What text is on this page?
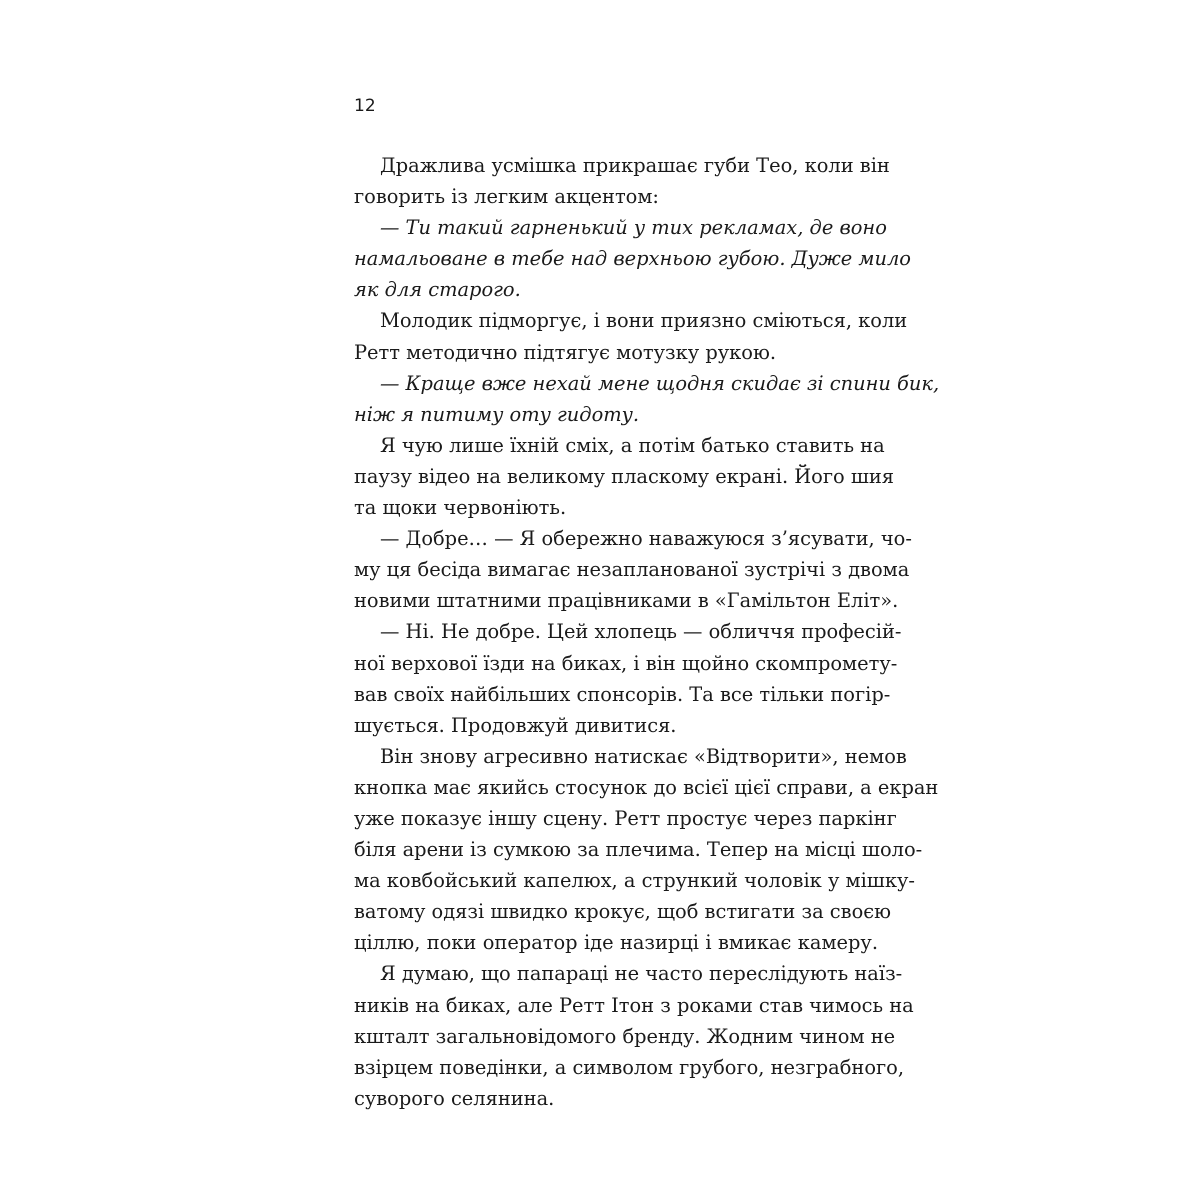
12
Дражлива усмішка прикрашає губи Тео, коли він
говорить із легким акцентом:
— Ти такий гарненький у тих рекламах, де воно
намальоване в тебе над верхньою губою. Дуже мило
як для старого.
Молодик підморгує, і вони приязно сміються, коли
Ретт методично підтягує мотузку рукою.
— Краще вже нехай мене щодня скидає зі спини бик,
ніж я питиму оту гидоту.
Я чую лише їхній сміх, а потім батько ставить на
паузу відео на великому пласкому екрані. Його шия
та щоки червоніють.
— Добре… — Я обережно наважуюся з’ясувати, чо-
му ця бесіда вимагає незапланованої зустрічі з двома
новими штатними працівниками в «Гамільтон Еліт».
— Ні. Не добре. Цей хлопець — обличчя професій-
ної верхової їзди на биках, і він щойно скомпромету-
вав своїх найбільших спонсорів. Та все тільки погір-
шується. Продовжуй дивитися.
Він знову агресивно натискає «Відтворити», немов
кнопка має якийсь стосунок до всієї цієї справи, а екран
уже показує іншу сцену. Ретт простує через паркінг
біля арени із сумкою за плечима. Тепер на місці шоло-
ма ковбойський капелюх, а стрункий чоловік у мішку-
ватому одязі швидко крокує, щоб встигати за своєю
ціллю, поки оператор іде назирці і вмикає камеру.
Я думаю, що папараці не часто переслідують наїз-
ників на биках, але Ретт Ітон з роками став чимось на
кшталт загальновідомого бренду. Жодним чином не
взірцем поведінки, а символом грубого, незграбного,
суворого селянина.
